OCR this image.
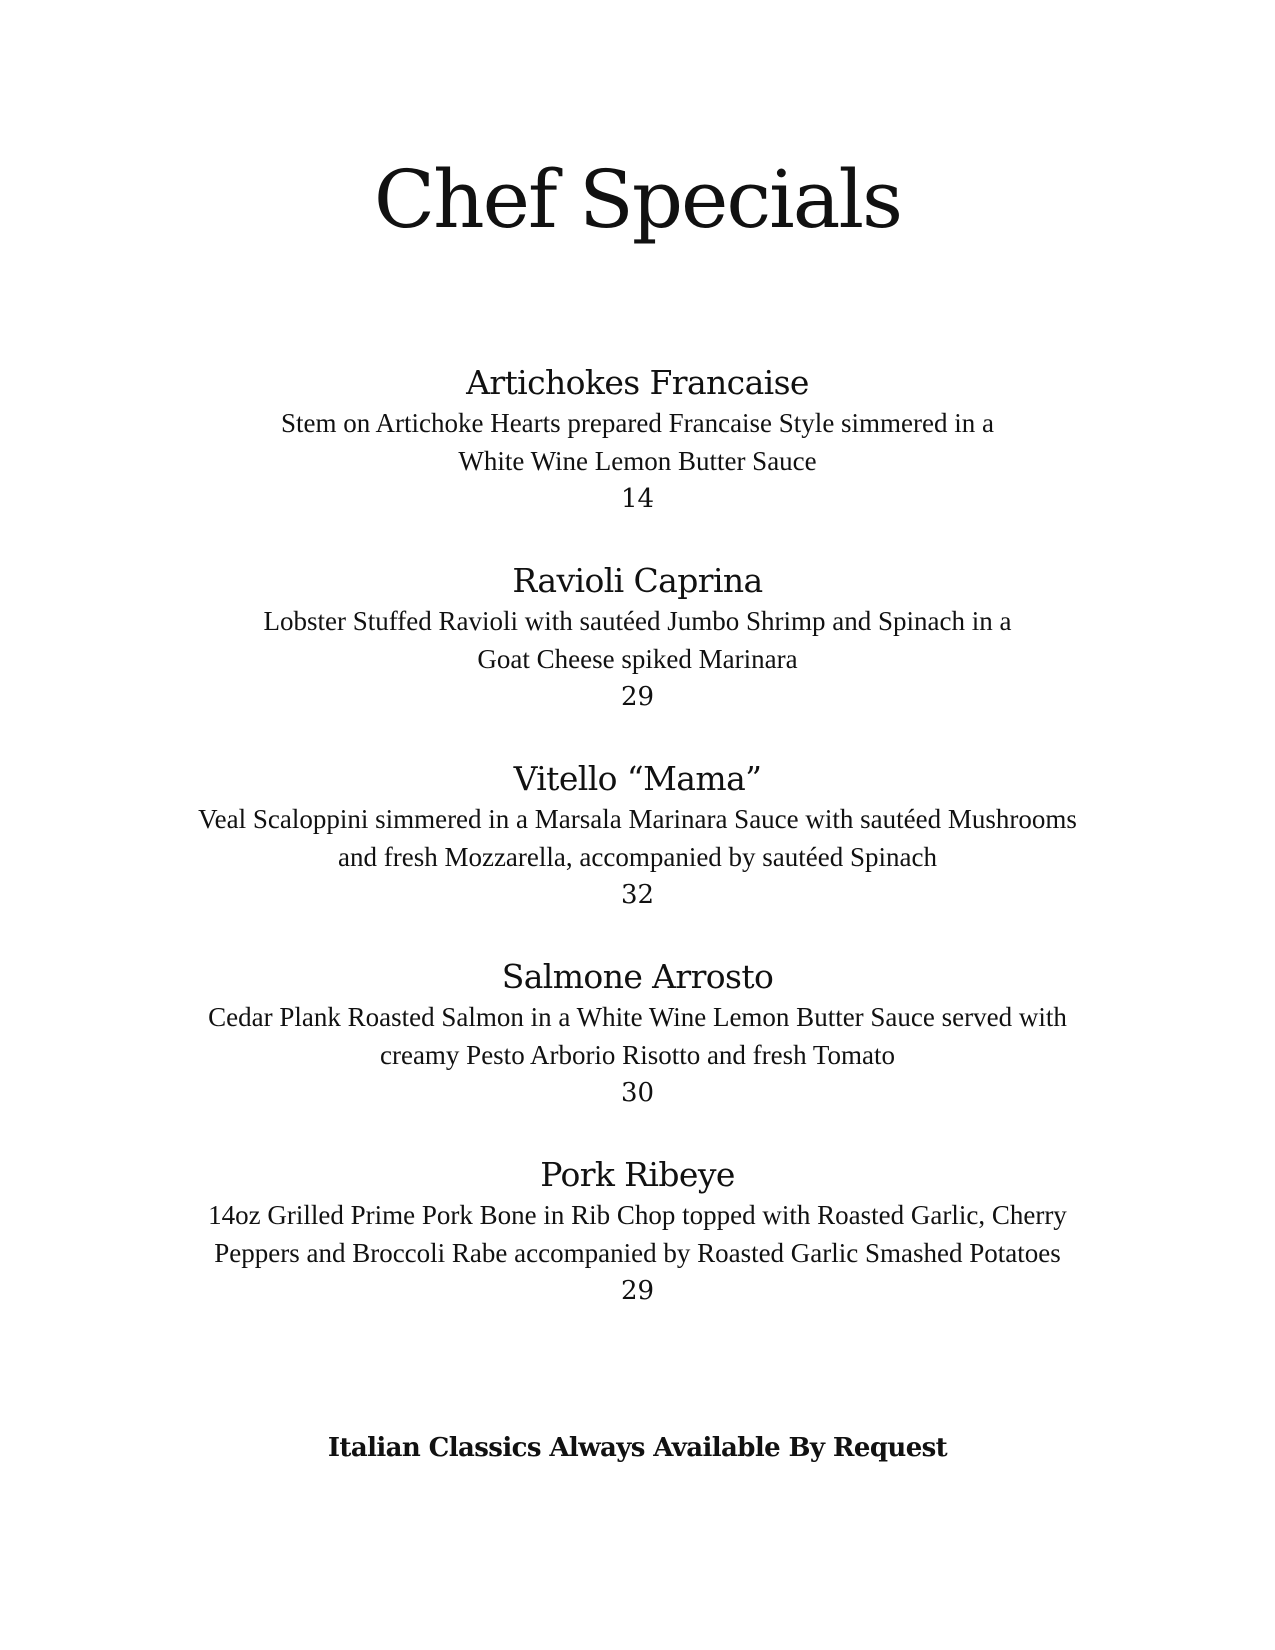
Chef Specials
Artichokes Francaise
Stem on Artichoke Hearts prepared Francaise Style simmered in a
White Wine Lemon Butter Sauce
14
Ravioli Caprina
Lobster Stuffed Ravioli with sautéed Jumbo Shrimp and Spinach in a
Goat Cheese spiked Marinara
29
Vitello “Mama”
Veal Scaloppini simmered in a Marsala Marinara Sauce with sautéed Mushrooms
and fresh Mozzarella, accompanied by sautéed Spinach
32
Salmone Arrosto
Cedar Plank Roasted Salmon in a White Wine Lemon Butter Sauce served with
creamy Pesto Arborio Risotto and fresh Tomato
30
Pork Ribeye
14oz Grilled Prime Pork Bone in Rib Chop topped with Roasted Garlic, Cherry
Peppers and Broccoli Rabe accompanied by Roasted Garlic Smashed Potatoes
29
Italian Classics Always Available By Request
